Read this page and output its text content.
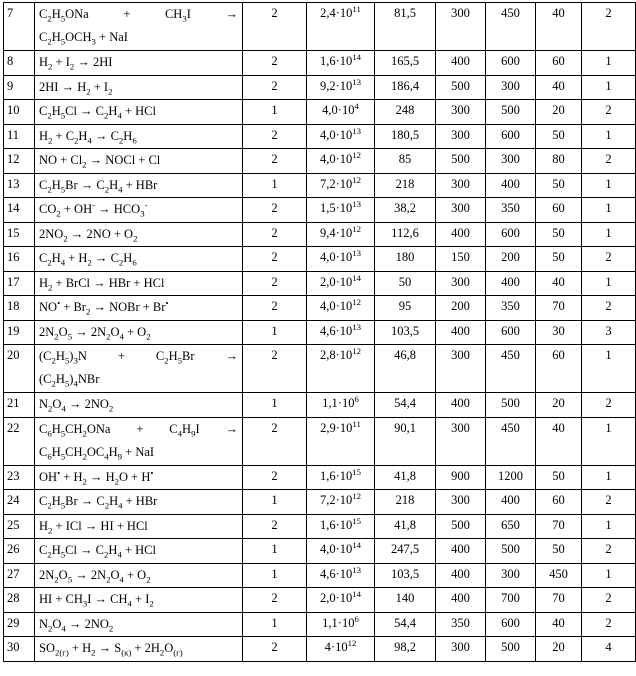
7	$C_2H_5ONa + CH_3I$ →
$C_2H_5OCH_3$ + NaI	2	$2,4\cdot 10^{11}$	81,5	300	450	40	2
8	$H_2 + I_2 \to 2HI$	2	$1,6\cdot 10^{14}$	165,5	400	600	60	1
9	$2HI \to H_2 + I_2$	2	$9,2\cdot 10^{13}$	186,4	500	300	40	1
10	$C_2H_5Cl \to C_2H_4$ + HCl	1	$4,0\cdot 10^4$	248	300	500	20	2
11	$H_2 + C_2H_4 \to C_2H_6$	2	$4,0\cdot 10^{13}$	180,5	300	600	50	1
12	NO + $Cl_2$ → NOCl + Cl	2	$4,0\cdot 10^{12}$	85	500	300	80	2
13	$C_2H_5Br \to C_2H_4$ + HBr	1	$7,2\cdot 10^{12}$	218	300	400	50	1
14	$CO_2 + OH^- \to HCO_3^-$	2	$1,5\cdot 10^{13}$	38,2	300	350	60	1
15	$2NO_2 \to 2NO + O_2$	2	$9,4\cdot 10^{12}$	112,6	400	600	50	1
16	$C_2H_4 + H_2 \to C_2H_6$	2	$4,0\cdot 10^{13}$	180	150	200	50	2
17	$H_2$ + BrCl → HBr + HCl	2	$2,0\cdot 10^{14}$	50	300	400	40	1
18	$NO^• + Br_2$ → NOBr + Br•	2	$4,0\cdot 10^{12}$	95	200	350	70	2
19	$2N_2O_5 \to 2N_2O_4 + O_2$	1	$4,6\cdot 10^{13}$	103,5	400	600	30	3
20	$(C_2H_5)_3N + C_2H_5Br$ →
$(C_2H_5)_4NBr$	2	$2,8\cdot 10^{12}$	46,8	300	450	60	1
21	$N_2O_4 \to 2NO_2$	1	$1,1\cdot 10^6$	54,4	400	500	20	2
22	$C_6H_5CH_2ONa + C_4H_9I$ →
$C_6H_5CH_2OC_4H_9$ + NaI	2	$2,9\cdot 10^{11}$	90,1	300	450	40	1
23	$OH^• + H_2 \to H_2O + H^•$	2	$1,6\cdot 10^{15}$	41,8	900	1200	50	1
24	$C_2H_5Br \to C_2H_4$ + HBr	1	$7,2\cdot 10^{12}$	218	300	400	60	2
25	$H_2$ + ICl → HI + HCl	2	$1,6\cdot 10^{15}$	41,8	500	650	70	1
26	$C_2H_5Cl \to C_2H_4$ + HCl	1	$4,0\cdot 10^{14}$	247,5	400	500	50	2
27	$2N_2O_5 \to 2N_2O_4 + O_2$	1	$4,6\cdot 10^{13}$	103,5	400	300	450	1
28	HI + $CH_3I \to CH_4 + I_2$	2	$2,0\cdot 10^{14}$	140	400	700	70	2
29	$N_2O_4 \to 2NO_2$	1	$1,1\cdot 10^6$	54,4	350	600	40	2
30	$SO_{2(г)} + H_2 \to S_{(к)} + 2H_2O_{(г)}$	2	$4\cdot 10^{12}$	98,2	300	500	20	4
